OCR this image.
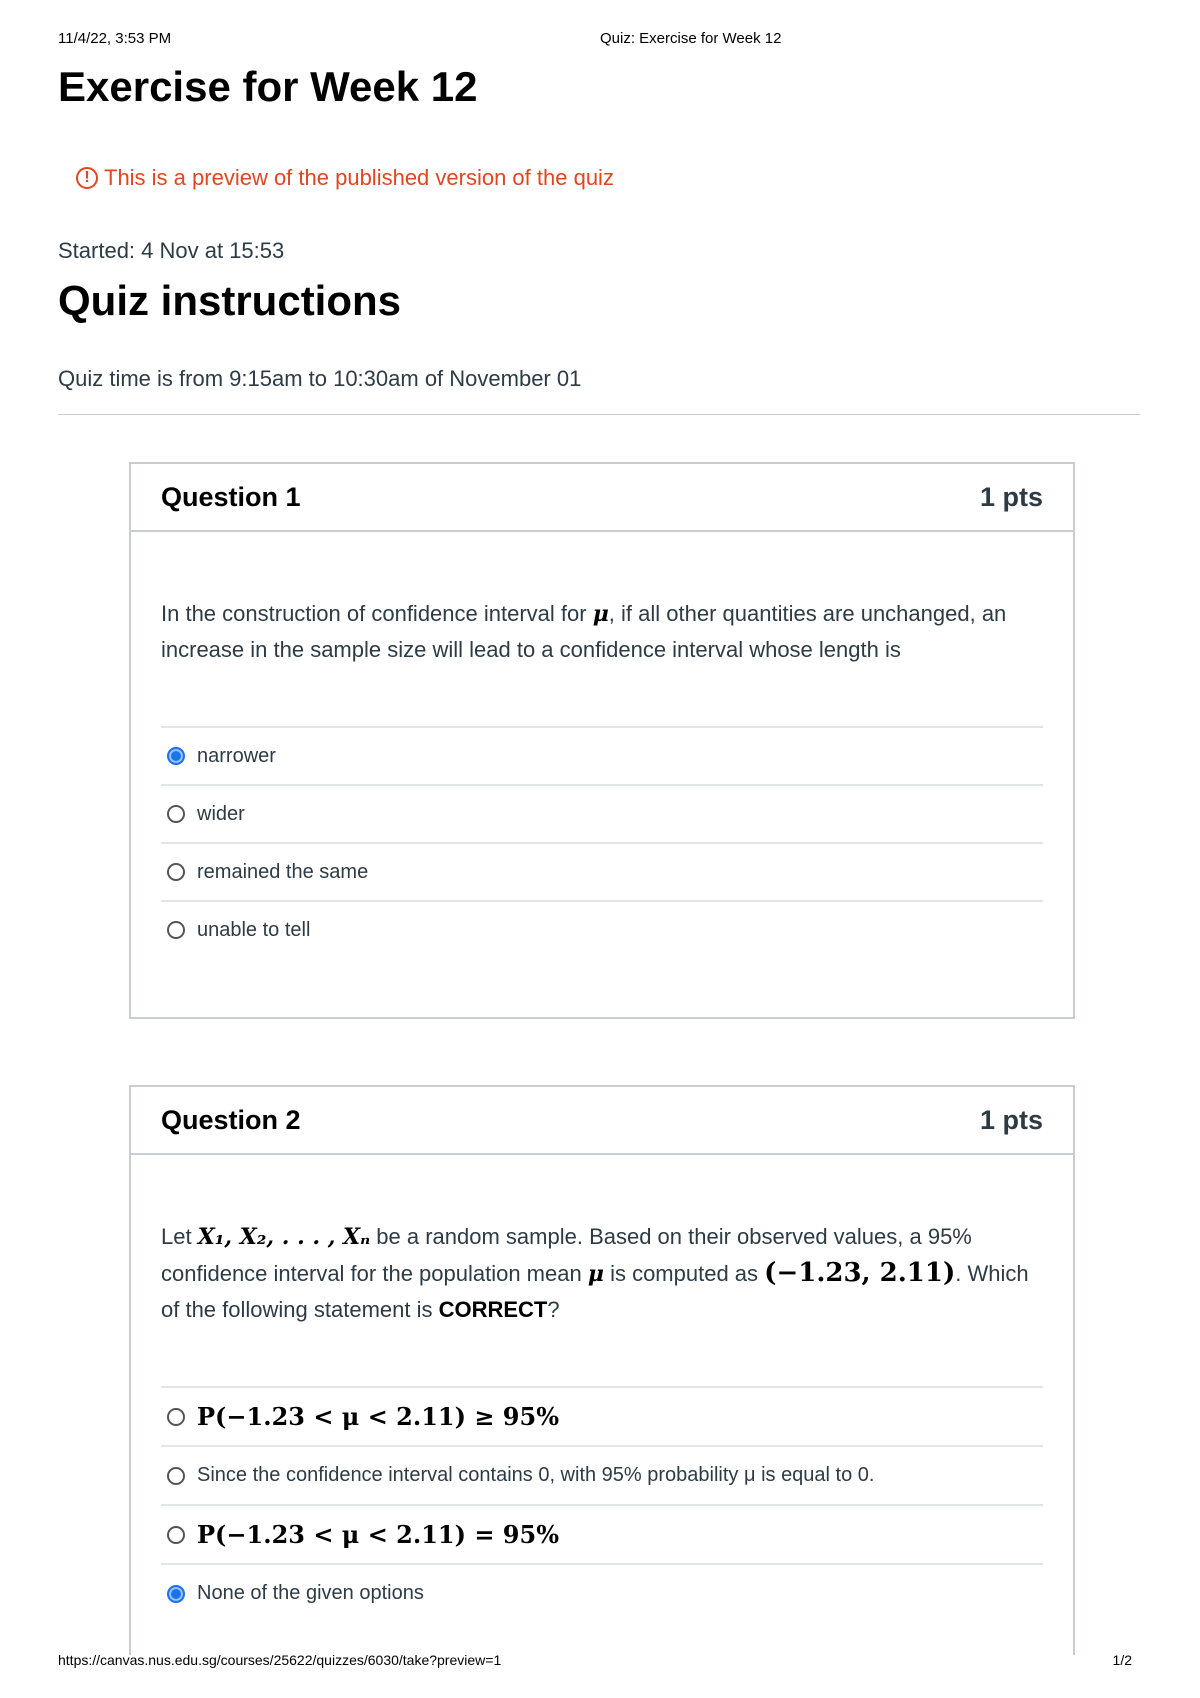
11/4/22, 3:53 PM	Quiz: Exercise for Week 12
Exercise for Week 12
! This is a preview of the published version of the quiz
Started: 4 Nov at 15:53
Quiz instructions
Quiz time is from 9:15am to 10:30am of November 01
Question 1	1 pts

In the construction of confidence interval for μ, if all other quantities are unchanged, an increase in the sample size will lead to a confidence interval whose length is

narrower
wider
remained the same
unable to tell
Question 2	1 pts

Let X₁, X₂, . . . , Xₙ be a random sample. Based on their observed values, a 95% confidence interval for the population mean μ is computed as (−1.23, 2.11). Which of the following statement is CORRECT?

P(−1.23 < μ < 2.11) ≥ 95%
Since the confidence interval contains 0, with 95% probability μ is equal to 0.
P(−1.23 < μ < 2.11) = 95%
None of the given options
https://canvas.nus.edu.sg/courses/25622/quizzes/6030/take?preview=1	1/2
